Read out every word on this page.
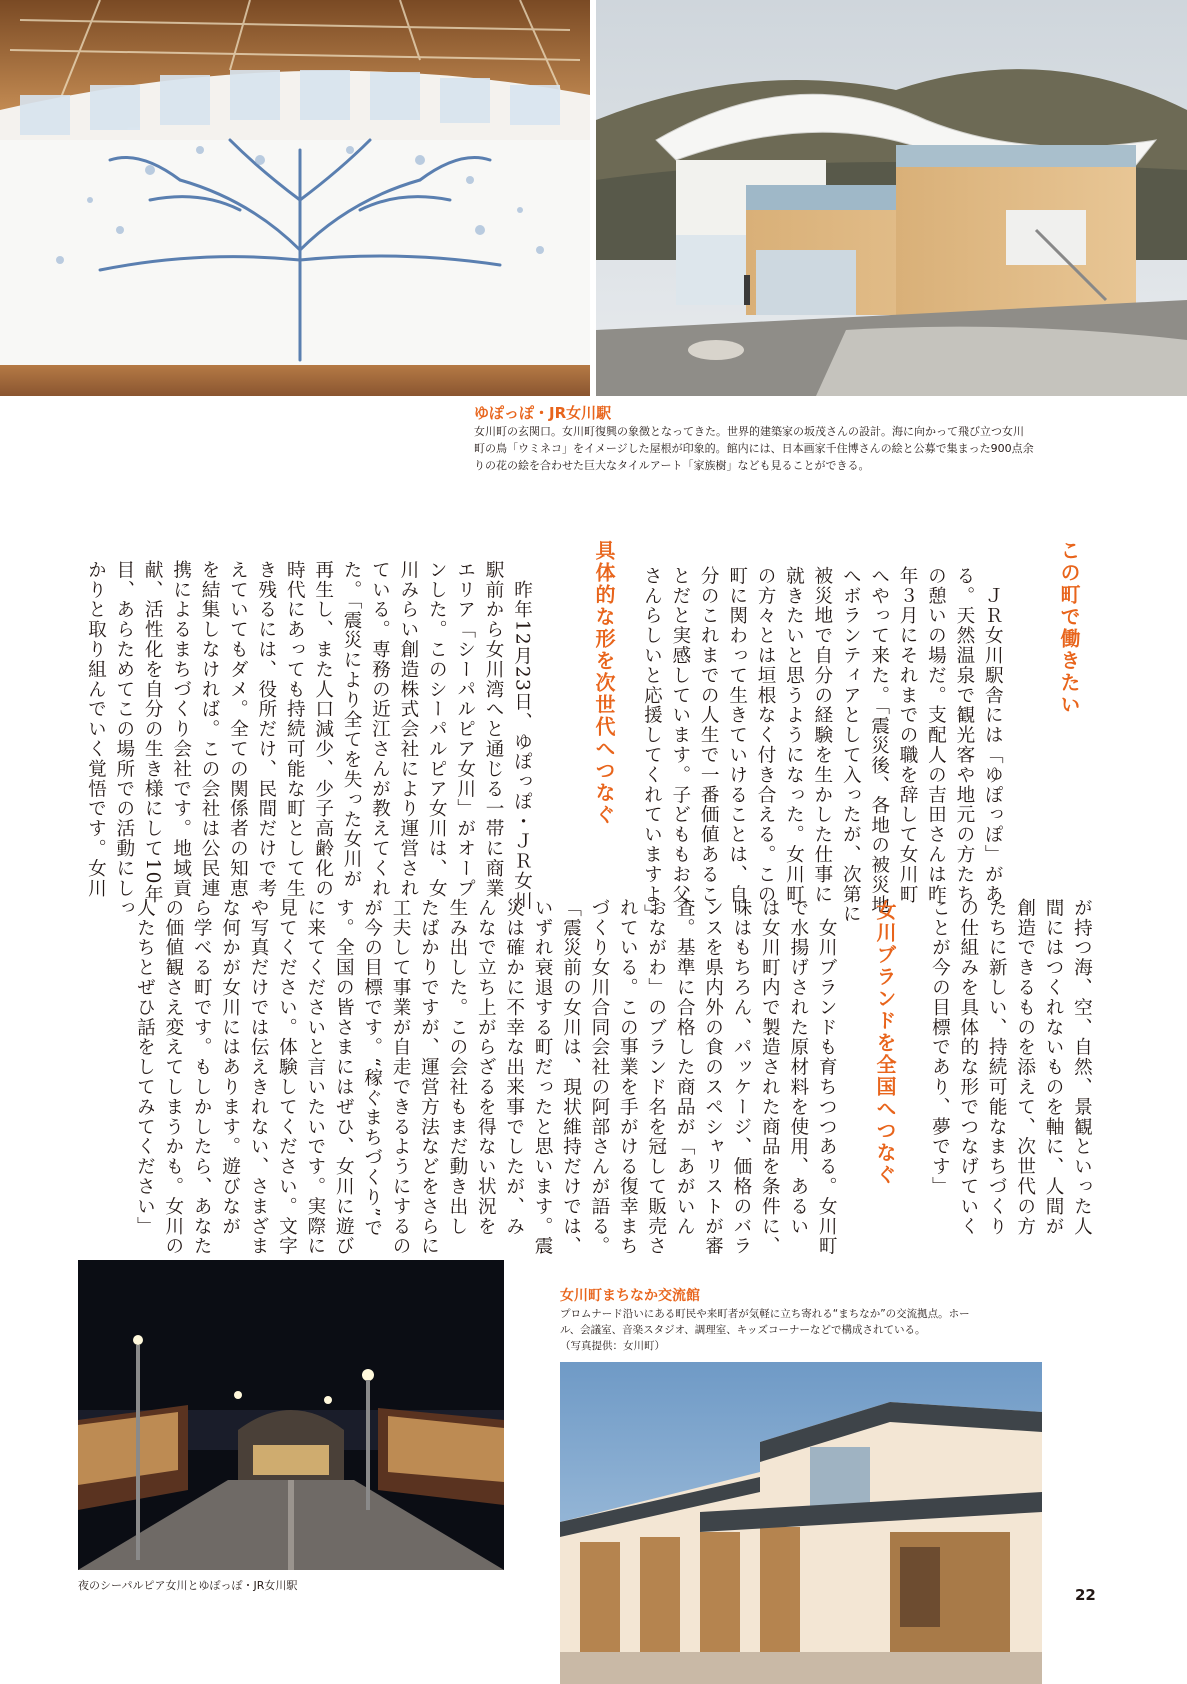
ゆぽっぽ・JR女川駅
女川町の玄関口。女川町復興の象徴となってきた。世界的建築家の坂茂さんの設計。海に向かって飛び立つ女川
町の鳥「ウミネコ」をイメージした屋根が印象的。館内には、日本画家千住博さんの絵と公募で集まった900点余
りの花の絵を合わせた巨大なタイルアート「家族樹」なども見ることができる。
この町で働きたい
具体的な形を次世代へつなぐ	　ＪＲ女川駅舎には「ゆぽっぽ」があ
る。天然温泉で観光客や地元の方たち
の憩いの場だ。支配人の吉田さんは昨
年３月にそれまでの職を辞して女川町
へやって来た。「震災後、各地の被災地
へボランティアとして入ったが、次第に
被災地で自分の経験を生かした仕事に
就きたいと思うようになった。女川町
の方々とは垣根なく付き合える。この
町に関わって生きていけることは、自
分のこれまでの人生で一番価値あるこ
とだと実感しています。子どももお父
さんらしいと応援してくれていますよ」
　昨年12月23日、ゆぽっぽ・ＪＲ女川
駅前から女川湾へと通じる一帯に商業
エリア「シーパルピア女川」がオープ
ンした。このシーパルピア女川は、女
川みらい創造株式会社により運営され
ている。専務の近江さんが教えてくれ
た。「震災により全てを失った女川が
再生し、また人口減少、少子高齢化の
時代にあっても持続可能な町として生
き残るには、役所だけ、民間だけで考
えていてもダメ。全ての関係者の知恵
を結集しなければ。この会社は公民連
携によるまちづくり会社です。地域貢
献、活性化を自分の生き様にして10年
目、あらためてこの場所での活動にしっ
かりと取り組んでいく覚悟です。女川
女川ブランドを全国へつなぐ	が持つ海、空、自然、景観といった人
間にはつくれないものを軸に、人間が
創造できるものを添えて、次世代の方
たちに新しい、持続可能なまちづくり
の仕組みを具体的な形でつなげていく
ことが今の目標であり、夢です」
　女川ブランドも育ちつつある。女川町
で水揚げされた原材料を使用、あるい
は女川町内で製造された商品を条件に、
味はもちろん、パッケージ、価格のバラ
ンスを県内外の食のスペシャリストが審
査。基準に合格した商品が「あがいん
おながわ」のブランド名を冠して販売さ
れている。この事業を手がける復幸まち
づくり女川合同会社の阿部さんが語る。
「震災前の女川は、現状維持だけでは、
いずれ衰退する町だったと思います。震
災は確かに不幸な出来事でしたが、み
んなで立ち上がらざるを得ない状況を
生み出した。この会社もまだ動き出し
たばかりですが、運営方法などをさらに
工夫して事業が自走できるようにするの
が今の目標です。“稼ぐまちづくり”で
す。全国の皆さまにはぜひ、女川に遊び
に来てくださいと言いたいです。実際に
見てください。体験してください。文字
や写真だけでは伝えきれない、さまざま
な何かが女川にはあります。遊びなが
ら学べる町です。もしかしたら、あなた
の価値観さえ変えてしまうかも。女川の
人たちとぜひ話をしてみてください」
夜のシーパルピア女川とゆぽっぽ・JR女川駅
女川町まちなか交流館
プロムナード沿いにある町民や来町者が気軽に立ち寄れる“まちなか”の交流拠点。ホー
ル、会議室、音楽スタジオ、調理室、キッズコーナーなどで構成されている。
（写真提供：女川町）
22
